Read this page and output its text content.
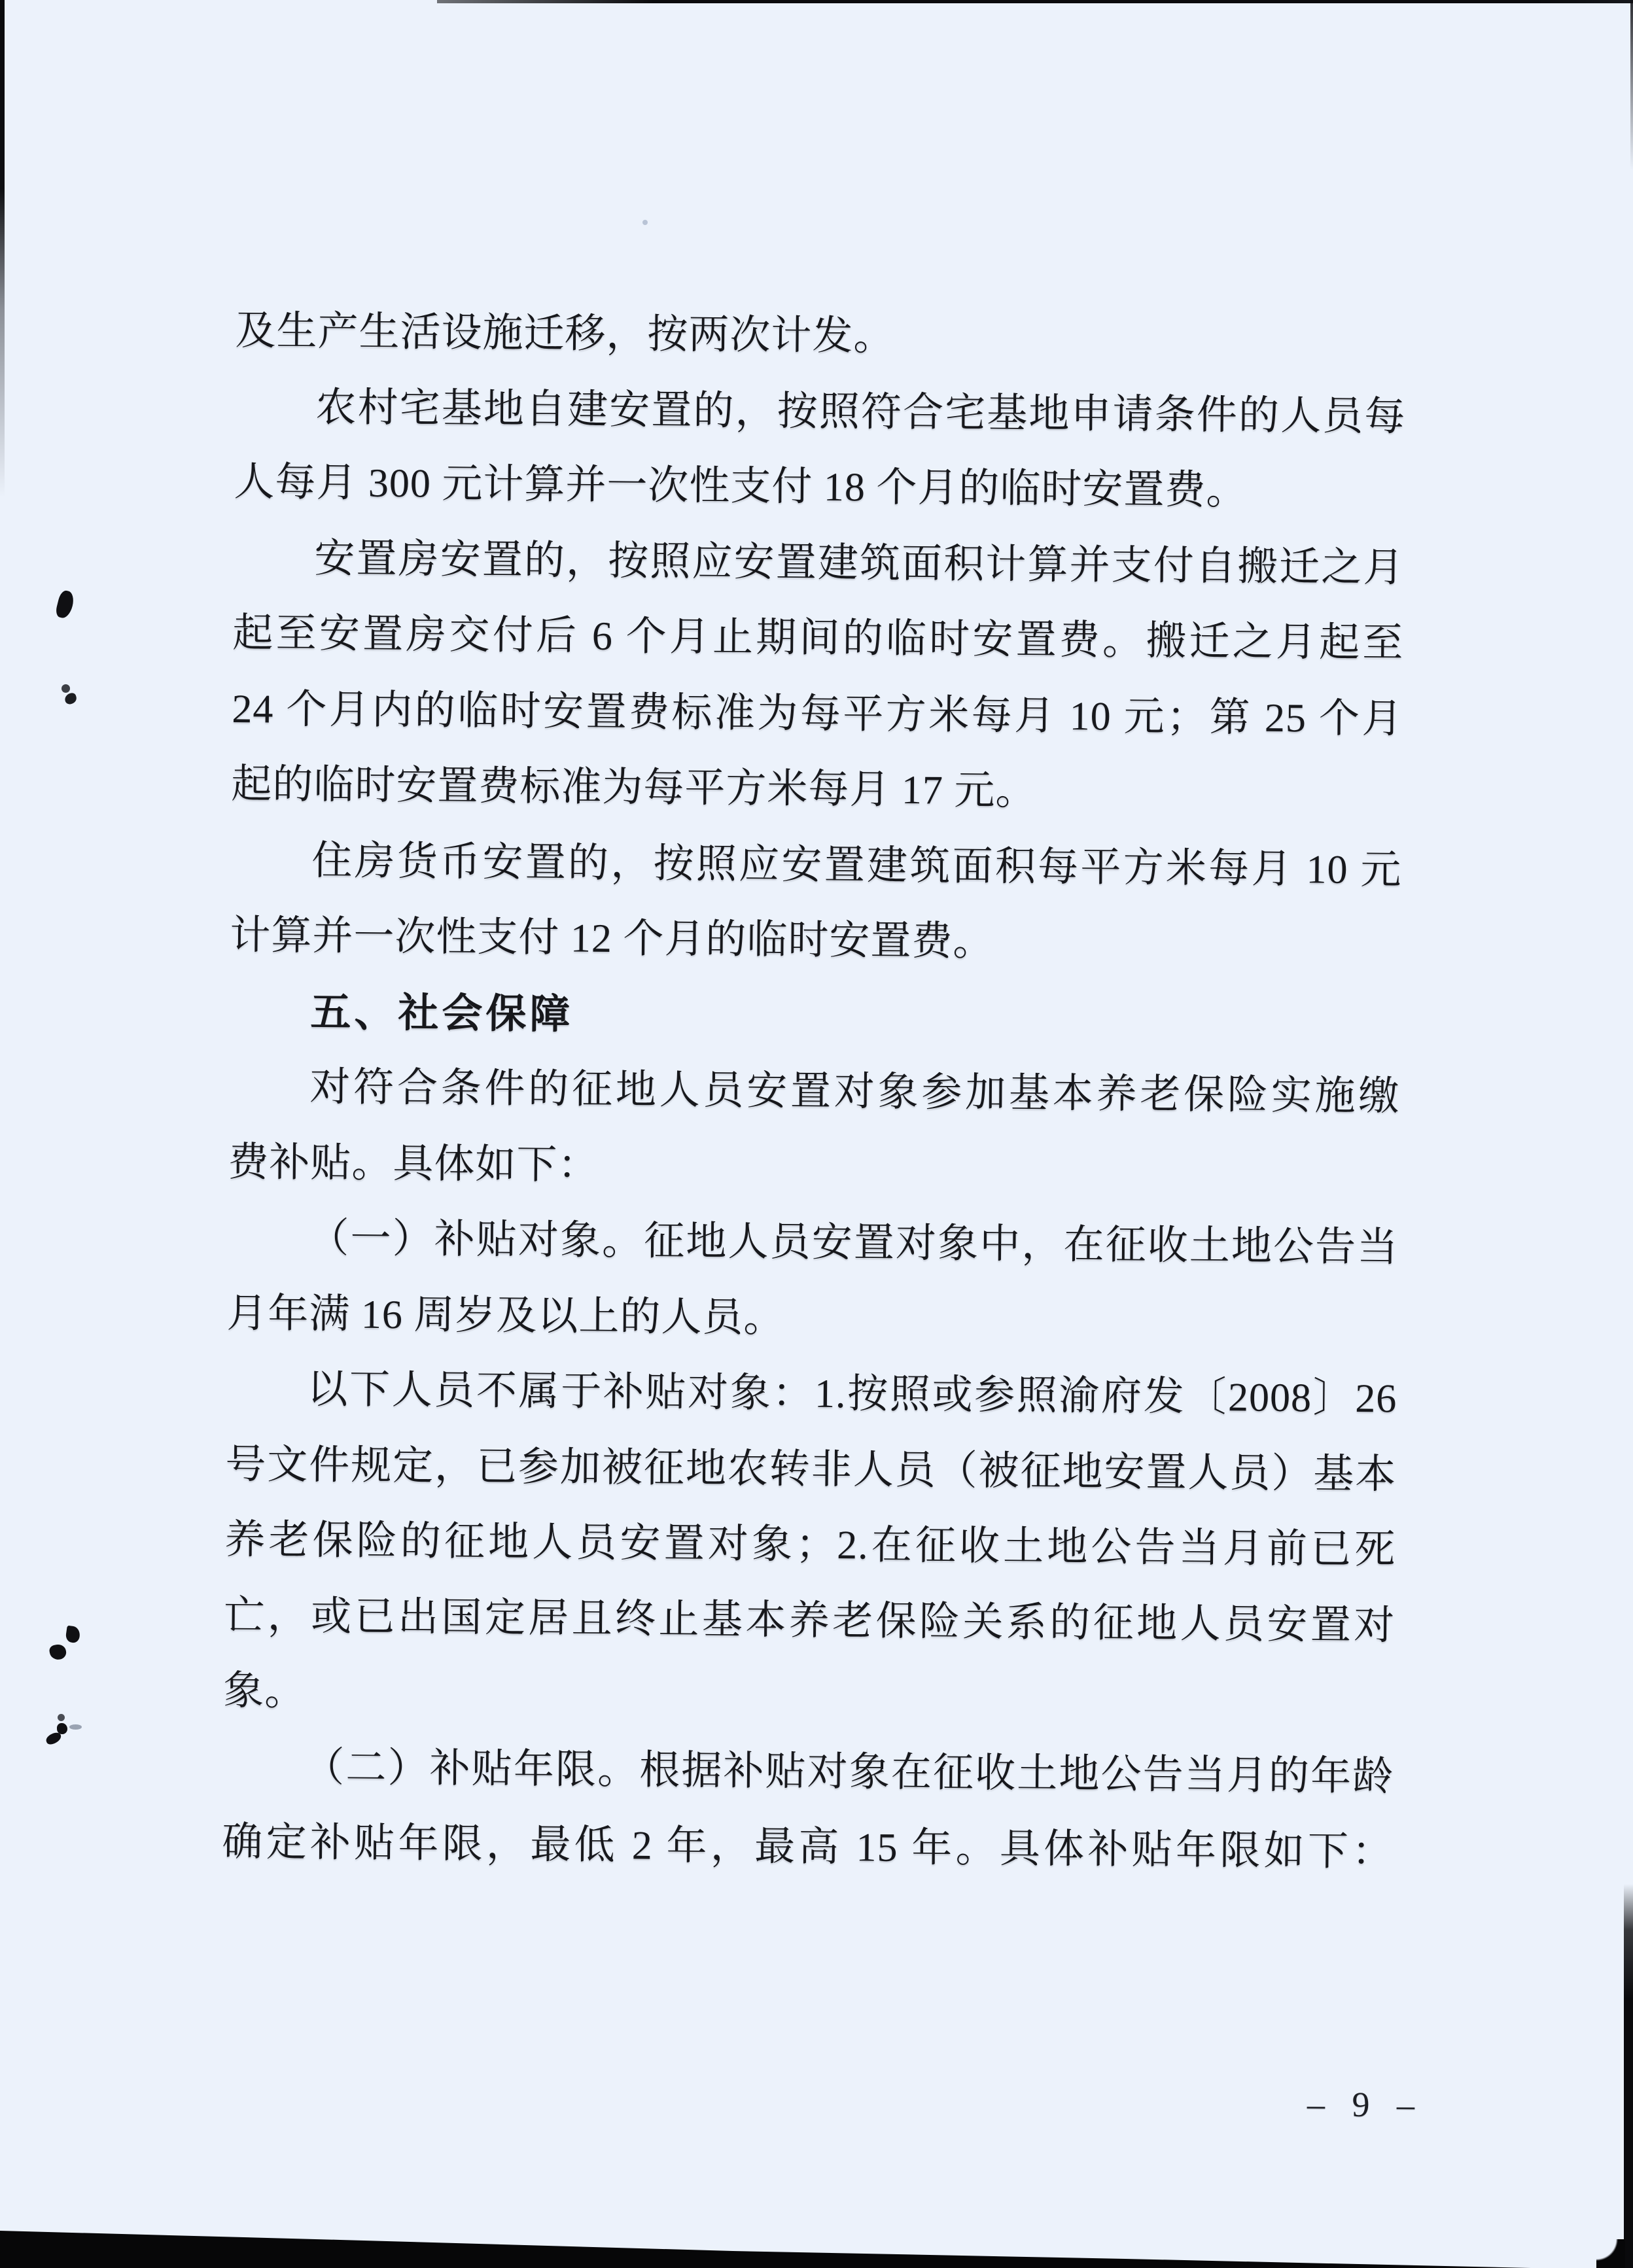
及生产生活设施迁移，按两次计发。
农村宅基地自建安置的，按照符合宅基地申请条件的人员每
人每月 300 元计算并一次性支付 18 个月的临时安置费。
安置房安置的，按照应安置建筑面积计算并支付自搬迁之月
起至安置房交付后 6 个月止期间的临时安置费。搬迁之月起至
24 个月内的临时安置费标准为每平方米每月 10 元；第 25 个月
起的临时安置费标准为每平方米每月 17 元。
住房货币安置的，按照应安置建筑面积每平方米每月 10 元
计算并一次性支付 12 个月的临时安置费。
五、社会保障
对符合条件的征地人员安置对象参加基本养老保险实施缴
费补贴。具体如下：
（一）补贴对象。征地人员安置对象中，在征收土地公告当
月年满 16 周岁及以上的人员。
以下人员不属于补贴对象：1.按照或参照渝府发〔2008〕26
号文件规定，已参加被征地农转非人员（被征地安置人员）基本
养老保险的征地人员安置对象；2.在征收土地公告当月前已死
亡，或已出国定居且终止基本养老保险关系的征地人员安置对
象。
（二）补贴年限。根据补贴对象在征收土地公告当月的年龄
确定补贴年限，最低 2 年，最高 15 年。具体补贴年限如下：
– 9 –
